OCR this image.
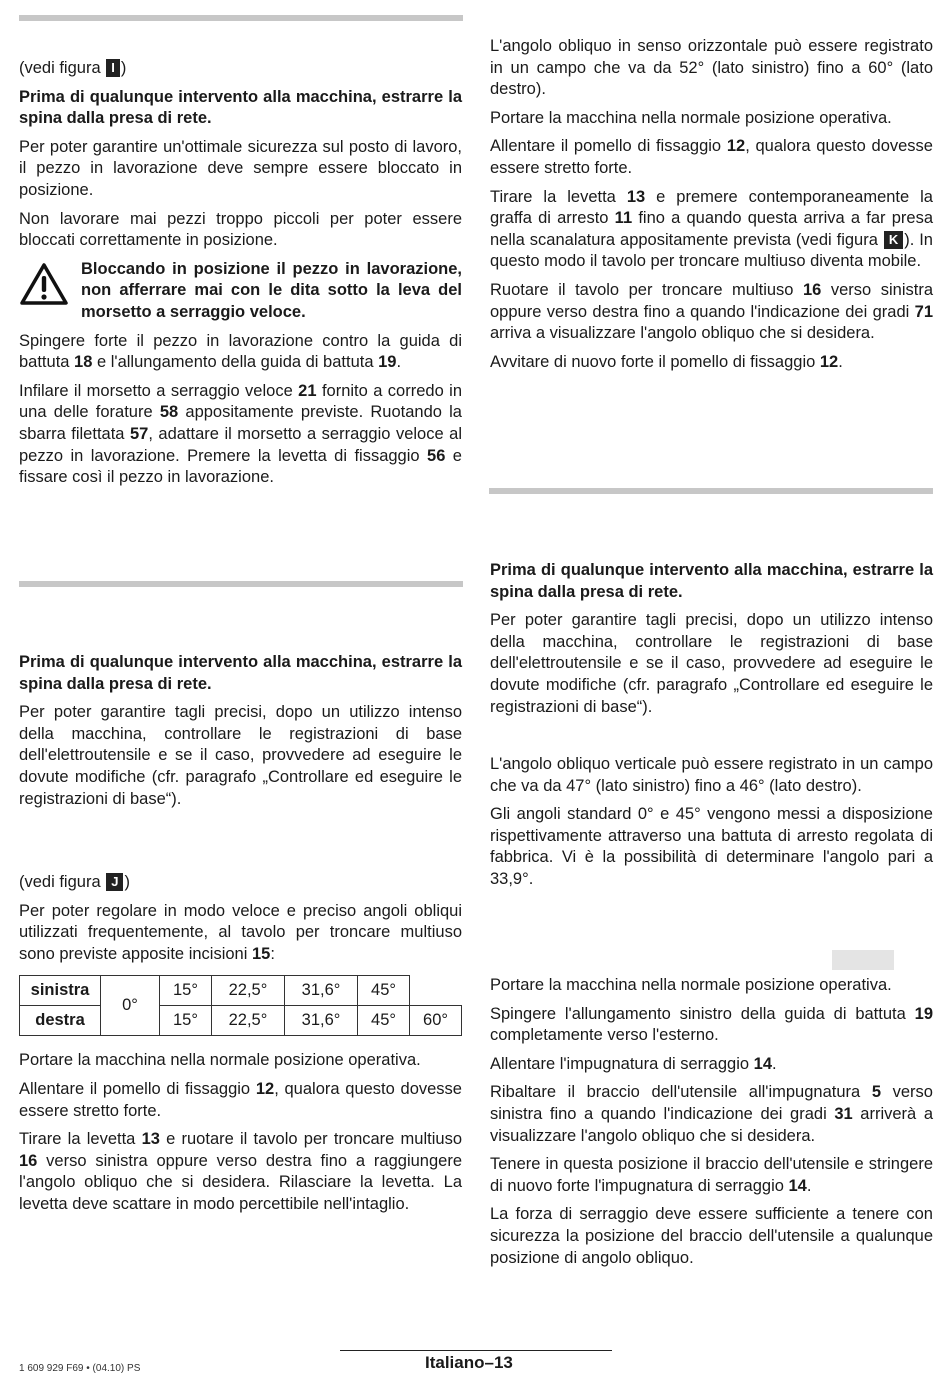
(vedi figura I )

Prima di qualunque intervento alla macchina, estrarre la spina dalla presa di rete.

Per poter garantire un'ottimale sicurezza sul posto di lavoro, il pezzo in lavorazione deve sempre essere bloccato in posizione.

Non lavorare mai pezzi troppo piccoli per poter essere bloccati correttamente in posizione.

Bloccando in posizione il pezzo in lavorazione, non afferrare mai con le dita sotto la leva del morsetto a serraggio veloce.

Spingere forte il pezzo in lavorazione contro la guida di battuta 18 e l'allungamento della guida di battuta 19.

Infilare il morsetto a serraggio veloce 21 fornito a corredo in una delle forature 58 appositamente previste. Ruotando la sbarra filettata 57, adattare il morsetto a serraggio veloce al pezzo in lavorazione. Premere la levetta di fissaggio 56 e fissare così il pezzo in lavorazione.

Prima di qualunque intervento alla macchina, estrarre la spina dalla presa di rete.

Per poter garantire tagli precisi, dopo un utilizzo intenso della macchina, controllare le registrazioni di base dell'elettroutensile e se il caso, provvedere ad eseguire le dovute modifiche (cfr. paragrafo „Controllare ed eseguire le registrazioni di base“).

(vedi figura J )

Per poter regolare in modo veloce e preciso angoli obliqui utilizzati frequentemente, al tavolo per troncare multiuso sono previste apposite incisioni 15:

sinistra	0°	15°	22,5°	31,6°	45°	
destra		15°	22,5°	31,6°	45°	60°

Portare la macchina nella normale posizione operativa.

Allentare il pomello di fissaggio 12, qualora questo dovesse essere stretto forte.

Tirare la levetta 13 e ruotare il tavolo per troncare multiuso 16 verso sinistra oppure verso destra fino a raggiungere l'angolo obliquo che si desidera. Rilasciare la levetta. La levetta deve scattare in modo percettibile nell'intaglio.

L'angolo obliquo in senso orizzontale può essere registrato in un campo che va da 52° (lato sinistro) fino a 60° (lato destro).

Portare la macchina nella normale posizione operativa.

Allentare il pomello di fissaggio 12, qualora questo dovesse essere stretto forte.

Tirare la levetta 13 e premere contemporaneamente la graffa di arresto 11 fino a quando questa arriva a far presa nella scanalatura appositamente prevista (vedi figura K ). In questo modo il tavolo per troncare multiuso diventa mobile.

Ruotare il tavolo per troncare multiuso 16 verso sinistra oppure verso destra fino a quando l'indicazione dei gradi 71 arriva a visualizzare l'angolo obliquo che si desidera.

Avvitare di nuovo forte il pomello di fissaggio 12.

Prima di qualunque intervento alla macchina, estrarre la spina dalla presa di rete.

Per poter garantire tagli precisi, dopo un utilizzo intenso della macchina, controllare le registrazioni di base dell'elettroutensile e se il caso, provvedere ad eseguire le dovute modifiche (cfr. paragrafo „Controllare ed eseguire le registrazioni di base“).

L'angolo obliquo verticale può essere registrato in un campo che va da 47° (lato sinistro) fino a 46° (lato destro).

Gli angoli standard 0° e 45° vengono messi a disposizione rispettivamente attraverso una battuta di arresto regolata di fabbrica. Vi è la possibilità di determinare l'angolo pari a 33,9°.

Portare la macchina nella normale posizione operativa.

Spingere l'allungamento sinistro della guida di battuta 19 completamente verso l'esterno.

Allentare l'impugnatura di serraggio 14.

Ribaltare il braccio dell'utensile all'impugnatura 5 verso sinistra fino a quando l'indicazione dei gradi 31 arriverà a visualizzare l'angolo obliquo che si desidera.

Tenere in questa posizione il braccio dell'utensile e stringere di nuovo forte l'impugnatura di serraggio 14.

La forza di serraggio deve essere sufficiente a tenere con sicurezza la posizione del braccio dell'utensile a qualunque posizione di angolo obliquo.

1 609 929 F69 • (04.10) PS	Italiano–13
